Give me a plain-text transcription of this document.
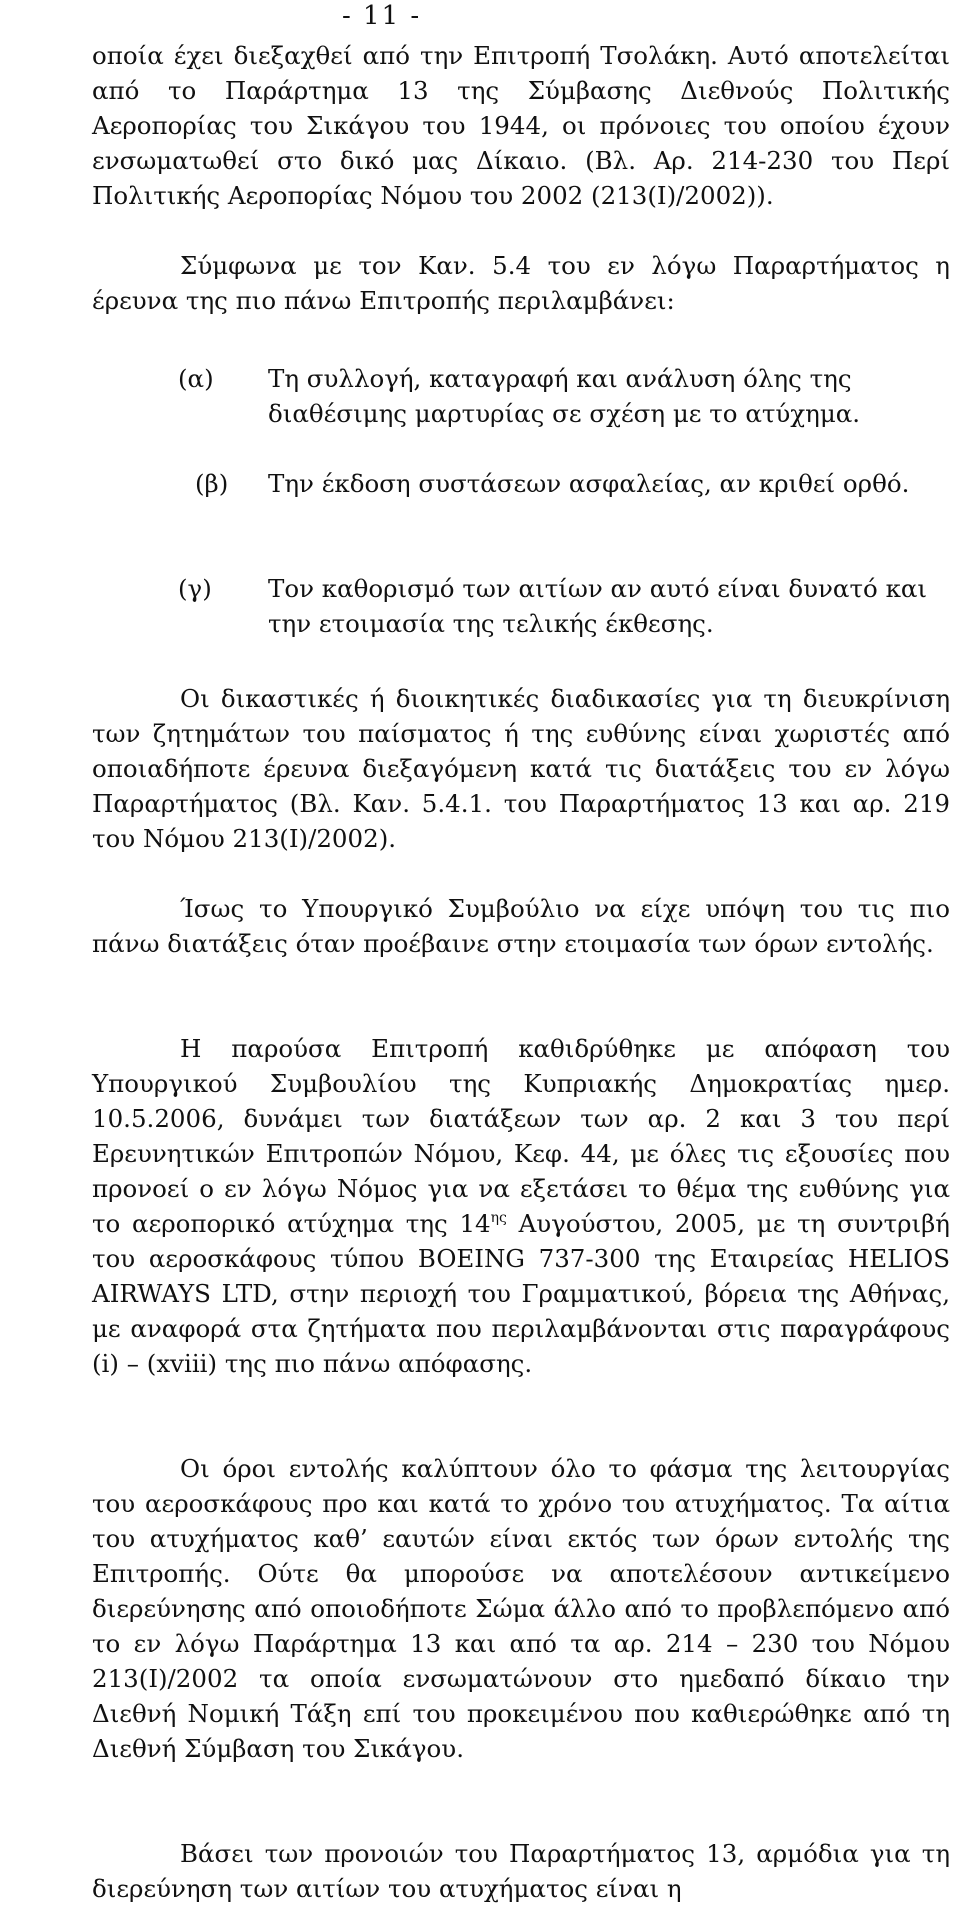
- 11 -

οποία έχει διεξαχθεί από την Επιτροπή Τσολάκη. Αυτό αποτελείται από το Παράρτημα 13 της Σύμβασης Διεθνούς Πολιτικής Αεροπορίας του Σικάγου του 1944, οι πρόνοιες του οποίου έχουν ενσωματωθεί στο δικό μας Δίκαιο. (Βλ. Αρ. 214-230 του Περί Πολιτικής Αεροπορίας Νόμου του 2002 (213(Ι)/2002)).

Σύμφωνα με τον Καν. 5.4 του εν λόγω Παραρτήματος η έρευνα της πιο πάνω Επιτροπής περιλαμβάνει:

(α) Τη συλλογή, καταγραφή και ανάλυση όλης της διαθέσιμης μαρτυρίας σε σχέση με το ατύχημα.
(β) Την έκδοση συστάσεων ασφαλείας, αν κριθεί ορθό.
(γ) Τον καθορισμό των αιτίων αν αυτό είναι δυνατό και την ετοιμασία της τελικής έκθεσης.

Οι δικαστικές ή διοικητικές διαδικασίες για τη διευκρίνιση των ζητημάτων του παίσματος ή της ευθύνης είναι χωριστές από οποιαδήποτε έρευνα διεξαγόμενη κατά τις διατάξεις του εν λόγω Παραρτήματος (Βλ. Καν. 5.4.1. του Παραρτήματος 13 και αρ. 219 του Νόμου 213(Ι)/2002).

Ίσως το Υπουργικό Συμβούλιο να είχε υπόψη του τις πιο πάνω διατάξεις όταν προέβαινε στην ετοιμασία των όρων εντολής.

Η παρούσα Επιτροπή καθιδρύθηκε με απόφαση του Υπουργικού Συμβουλίου της Κυπριακής Δημοκρατίας ημερ. 10.5.2006, δυνάμει των διατάξεων των αρ. 2 και 3 του περί Ερευνητικών Επιτροπών Νόμου, Κεφ. 44, με όλες τις εξουσίες που προνοεί ο εν λόγω Νόμος για να εξετάσει το θέμα της ευθύνης για το αεροπορικό ατύχημα της $14^{\eta\varsigma}$ Αυγούστου, 2005, με τη συντριβή του αεροσκάφους τύπου BOEING 737-300 της Εταιρείας HELIOS AIRWAYS LTD, στην περιοχή του Γραμματικού, βόρεια της Αθήνας, με αναφορά στα ζητήματα που περιλαμβάνονται στις παραγράφους (i) – (xviii) της πιο πάνω απόφασης.

Οι όροι εντολής καλύπτουν όλο το φάσμα της λειτουργίας του αεροσκάφους προ και κατά το χρόνο του ατυχήματος. Τα αίτια του ατυχήματος καθ’ εαυτών είναι εκτός των όρων εντολής της Επιτροπής. Ούτε θα μπορούσε να αποτελέσουν αντικείμενο διερεύνησης από οποιοδήποτε Σώμα άλλο από το προβλεπόμενο από το εν λόγω Παράρτημα 13 και από τα αρ. 214 – 230 του Νόμου 213(Ι)/2002 τα οποία ενσωματώνουν στο ημεδαπό δίκαιο την Διεθνή Νομική Τάξη επί του προκειμένου που καθιερώθηκε από τη Διεθνή Σύμβαση του Σικάγου.

Βάσει των προνοιών του Παραρτήματος 13, αρμόδια για τη διερεύνηση των αιτίων του ατυχήματος είναι η
